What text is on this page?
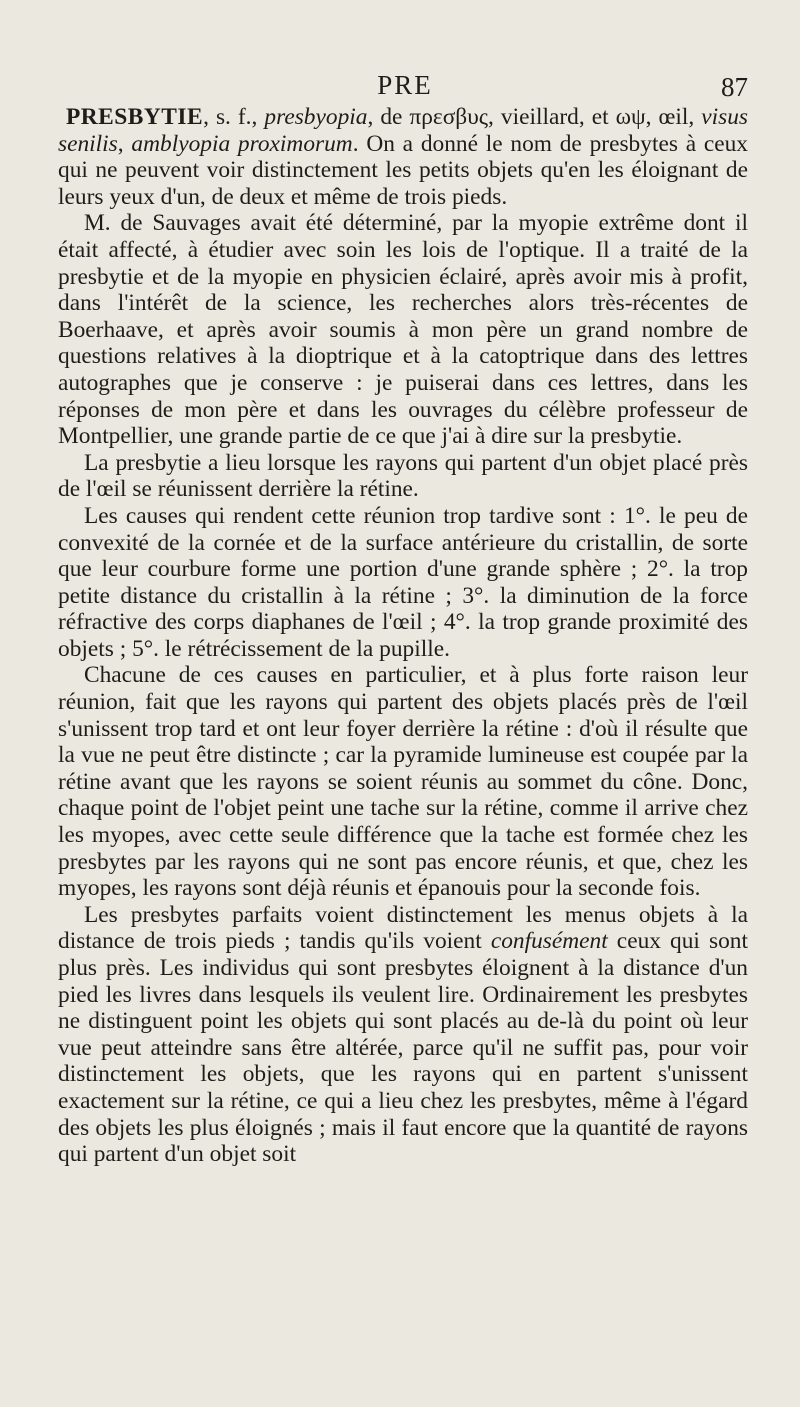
PRE	87

PRESBYTIE, s. f., presbyopia, de πρεσβυς, vieillard, et ωψ, œil, visus senilis, amblyopia proximorum. On a donné le nom de presbytes à ceux qui ne peuvent voir distinctement les petits objets qu'en les éloignant de leurs yeux d'un, de deux et même de trois pieds.

M. de Sauvages avait été déterminé, par la myopie extrême dont il était affecté, à étudier avec soin les lois de l'optique. Il a traité de la presbytie et de la myopie en physicien éclairé, après avoir mis à profit, dans l'intérêt de la science, les recherches alors très-récentes de Boerhaave, et après avoir soumis à mon père un grand nombre de questions relatives à la dioptrique et à la catoptrique dans des lettres autographes que je conserve : je puiserai dans ces lettres, dans les réponses de mon père et dans les ouvrages du célèbre professeur de Montpellier, une grande partie de ce que j'ai à dire sur la presbytie.

La presbytie a lieu lorsque les rayons qui partent d'un objet placé près de l'œil se réunissent derrière la rétine.

Les causes qui rendent cette réunion trop tardive sont : 1°. le peu de convexité de la cornée et de la surface antérieure du cristallin, de sorte que leur courbure forme une portion d'une grande sphère ; 2°. la trop petite distance du cristallin à la rétine ; 3°. la diminution de la force réfractive des corps diaphanes de l'œil ; 4°. la trop grande proximité des objets ; 5°. le rétrécissement de la pupille.

Chacune de ces causes en particulier, et à plus forte raison leur réunion, fait que les rayons qui partent des objets placés près de l'œil s'unissent trop tard et ont leur foyer derrière la rétine : d'où il résulte que la vue ne peut être distincte ; car la pyramide lumineuse est coupée par la rétine avant que les rayons se soient réunis au sommet du cône. Donc, chaque point de l'objet peint une tache sur la rétine, comme il arrive chez les myopes, avec cette seule différence que la tache est formée chez les presbytes par les rayons qui ne sont pas encore réunis, et que, chez les myopes, les rayons sont déjà réunis et épanouis pour la seconde fois.

Les presbytes parfaits voient distinctement les menus objets à la distance de trois pieds ; tandis qu'ils voient confusément ceux qui sont plus près. Les individus qui sont presbytes éloignent à la distance d'un pied les livres dans lesquels ils veulent lire. Ordinairement les presbytes ne distinguent point les objets qui sont placés au de-là du point où leur vue peut atteindre sans être altérée, parce qu'il ne suffit pas, pour voir distinctement les objets, que les rayons qui en partent s'unissent exactement sur la rétine, ce qui a lieu chez les presbytes, même à l'égard des objets les plus éloignés ; mais il faut encore que la quantité de rayons qui partent d'un objet soit
